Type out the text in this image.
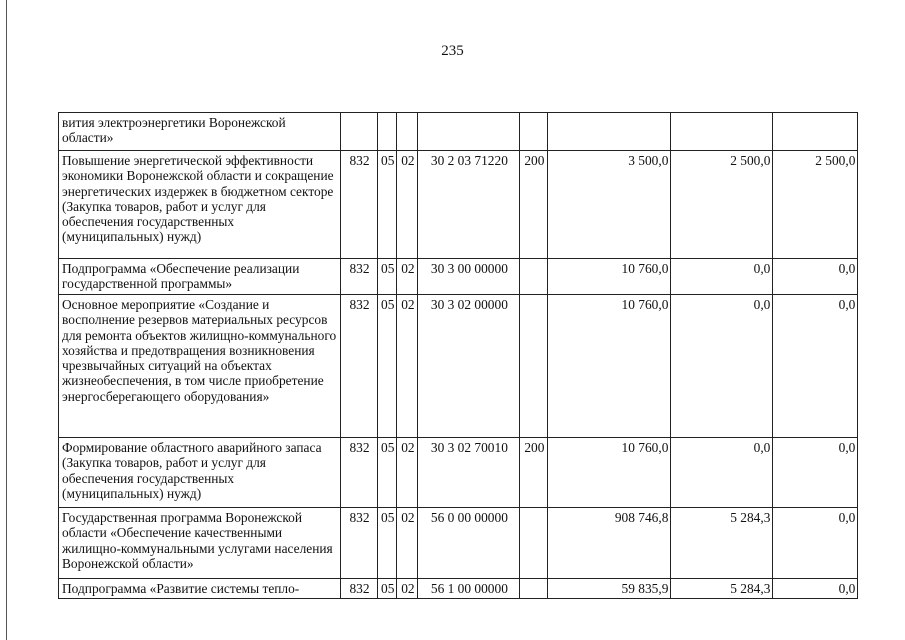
235
вития электроэнергетики Воронежской области»								
Повышение энергетической эффективности экономики Воронежской области и сокращение энергетических издержек в бюджетном секторе (Закупка товаров, работ и услуг для обеспечения государственных (муниципальных) нужд)	832	05	02	30 2 03 71220	200	3 500,0	2 500,0	2 500,0
Подпрограмма «Обеспечение реализации государственной программы»	832	05	02	30 3 00 00000		10 760,0	0,0	0,0
Основное мероприятие «Создание и восполнение резервов материальных ресурсов для ремонта объектов жилищно-коммунального хозяйства и предотвращения возникновения чрезвычайных ситуаций на объектах жизнеобеспечения, в том числе приобретение энергосберегающего оборудования»	832	05	02	30 3 02 00000		10 760,0	0,0	0,0
Формирование областного аварийного запаса (Закупка товаров, работ и услуг для обеспечения государственных (муниципальных) нужд)	832	05	02	30 3 02 70010	200	10 760,0	0,0	0,0
Государственная программа Воронежской области «Обеспечение качественными жилищно-коммунальными услугами населения Воронежской области»	832	05	02	56 0 00 00000		908 746,8	5 284,3	0,0
Подпрограмма «Развитие системы тепло-	832	05	02	56 1 00 00000		59 835,9	5 284,3	0,0
